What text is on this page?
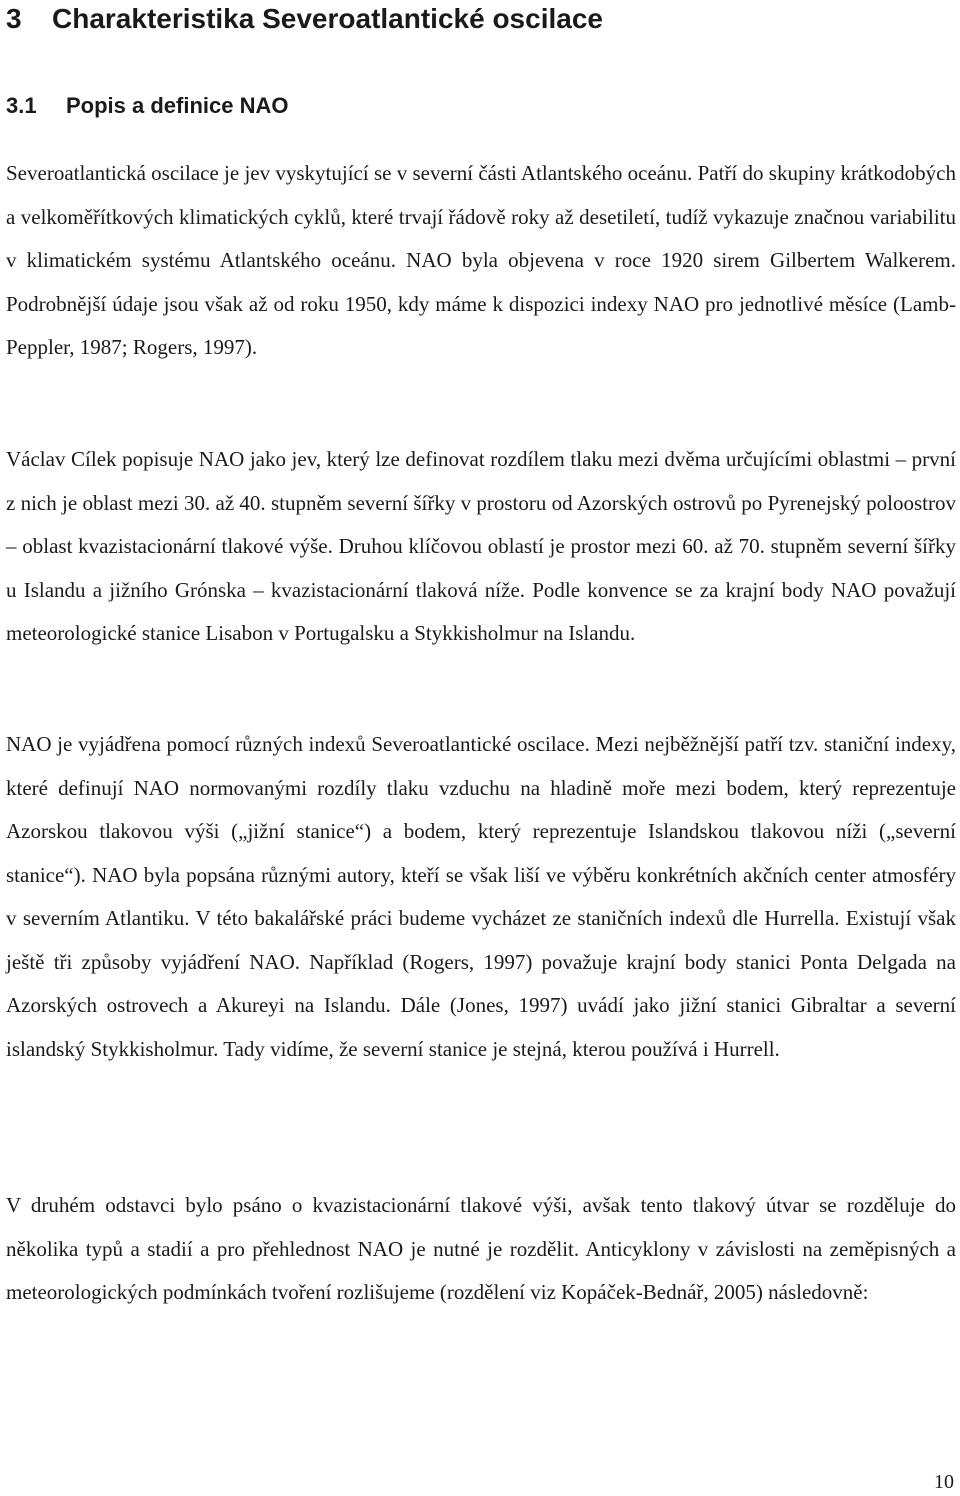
3 Charakteristika Severoatlantické oscilace
3.1 Popis a definice NAO

Severoatlantická oscilace je jev vyskytující se v severní části Atlantského oceánu. Patří do skupiny krátkodobých a velkoměřítkových klimatických cyklů, které trvají řádově roky až desetiletí, tudíž vykazuje značnou variabilitu v klimatickém systému Atlantského oceánu. NAO byla objevena v roce 1920 sirem Gilbertem Walkerem. Podrobnější údaje jsou však až od roku 1950, kdy máme k dispozici indexy NAO pro jednotlivé měsíce (Lamb-Peppler, 1987; Rogers, 1997).

Václav Cílek popisuje NAO jako jev, který lze definovat rozdílem tlaku mezi dvěma určujícími oblastmi – první z nich je oblast mezi 30. až 40. stupněm severní šířky v prostoru od Azorských ostrovů po Pyrenejský poloostrov – oblast kvazistacionární tlakové výše. Druhou klíčovou oblastí je prostor mezi 60. až 70. stupněm severní šířky u Islandu a jižního Grónska – kvazistacionární tlaková níže. Podle konvence se za krajní body NAO považují meteorologické stanice Lisabon v Portugalsku a Stykkisholmur na Islandu.

NAO je vyjádřena pomocí různých indexů Severoatlantické oscilace. Mezi nejběžnější patří tzv. staniční indexy, které definují NAO normovanými rozdíly tlaku vzduchu na hladině moře mezi bodem, který reprezentuje Azorskou tlakovou výši („jižní stanice“) a bodem, který reprezentuje Islandskou tlakovou níži („severní stanice“). NAO byla popsána různými autory, kteří se však liší ve výběru konkrétních akčních center atmosféry v severním Atlantiku. V této bakalářské práci budeme vycházet ze staničních indexů dle Hurrella. Existují však ještě tři způsoby vyjádření NAO. Například (Rogers, 1997) považuje krajní body stanici Ponta Delgada na Azorských ostrovech a Akureyi na Islandu. Dále (Jones, 1997) uvádí jako jižní stanici Gibraltar a severní islandský Stykkisholmur. Tady vidíme, že severní stanice je stejná, kterou používá i Hurrell.

V druhém odstavci bylo psáno o kvazistacionární tlakové výši, avšak tento tlakový útvar se rozděluje do několika typů a stadií a pro přehlednost NAO je nutné je rozdělit. Anticyklony v závislosti na zeměpisných a meteorologických podmínkách tvoření rozlišujeme (rozdělení viz Kopáček-Bednář, 2005) následovně:

10
